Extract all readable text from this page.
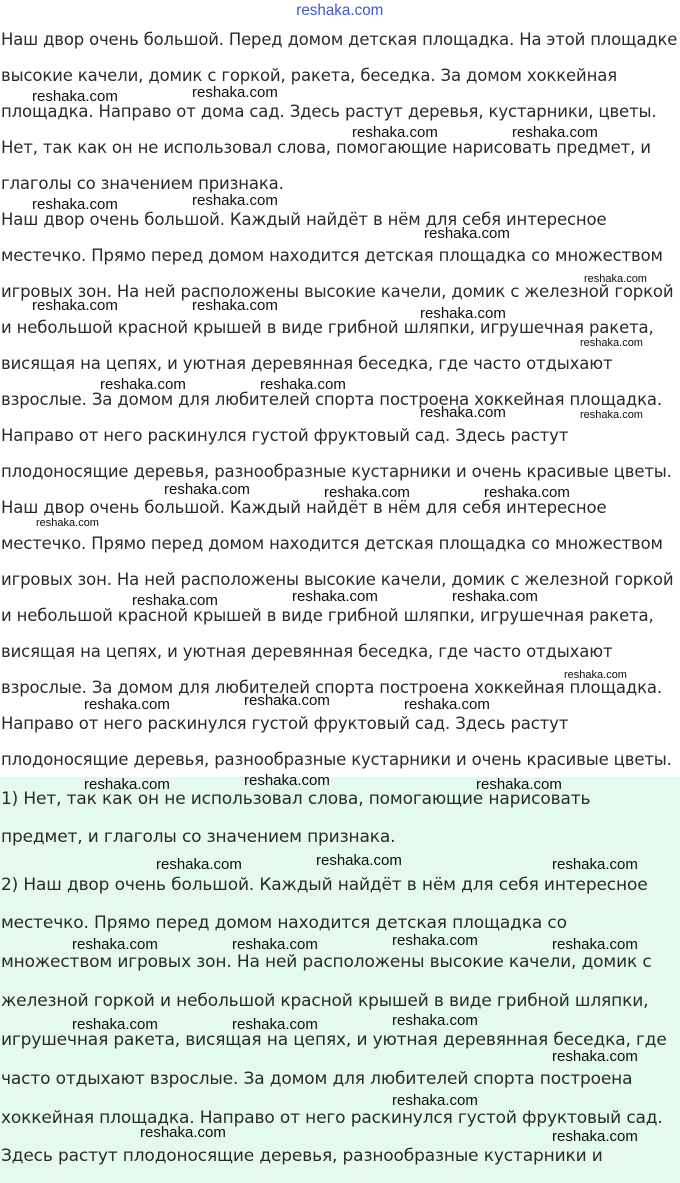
reshaka.com
Наш двор очень большой. Перед домом детская площадка. На этой площадке
высокие качели, домик с горкой, ракета, беседка. За домом хоккейная
площадка. Направо от дома сад. Здесь растут деревья, кустарники, цветы.
Нет, так как он не использовал слова, помогающие нарисовать предмет, и
глаголы со значением признака.
Наш двор очень большой. Каждый найдёт в нём для себя интересное
местечко. Прямо перед домом находится детская площадка со множеством
игровых зон. На ней расположены высокие качели, домик с железной горкой
и небольшой красной крышей в виде грибной шляпки, игрушечная ракета,
висящая на цепях, и уютная деревянная беседка, где часто отдыхают
взрослые. За домом для любителей спорта построена хоккейная площадка.
Направо от него раскинулся густой фруктовый сад. Здесь растут
плодоносящие деревья, разнообразные кустарники и очень красивые цветы.
Наш двор очень большой. Каждый найдёт в нём для себя интересное
местечко. Прямо перед домом находится детская площадка со множеством
игровых зон. На ней расположены высокие качели, домик с железной горкой
и небольшой красной крышей в виде грибной шляпки, игрушечная ракета,
висящая на цепях, и уютная деревянная беседка, где часто отдыхают
взрослые. За домом для любителей спорта построена хоккейная площадка.
Направо от него раскинулся густой фруктовый сад. Здесь растут
плодоносящие деревья, разнообразные кустарники и очень красивые цветы.
1) Нет, так как он не использовал слова, помогающие нарисовать
предмет, и глаголы со значением признака.
2) Наш двор очень большой. Каждый найдёт в нём для себя интересное
местечко. Прямо перед домом находится детская площадка со
множеством игровых зон. На ней расположены высокие качели, домик с
железной горкой и небольшой красной крышей в виде грибной шляпки,
игрушечная ракета, висящая на цепях, и уютная деревянная беседка, где
часто отдыхают взрослые. За домом для любителей спорта построена
хоккейная площадка. Направо от него раскинулся густой фруктовый сад.
Здесь растут плодоносящие деревья, разнообразные кустарники и
reshaka.com	reshaka.com
reshaka.com	reshaka.com
reshaka.com	reshaka.com
reshaka.com
reshaka.com
reshaka.com	reshaka.com	reshaka.com
reshaka.com
reshaka.com	reshaka.com
reshaka.com	reshaka.com
reshaka.com	reshaka.com	reshaka.com
reshaka.com
reshaka.com	reshaka.com	reshaka.com
reshaka.com
reshaka.com	reshaka.com	reshaka.com
reshaka.com	reshaka.com	reshaka.com
reshaka.com	reshaka.com	reshaka.com
reshaka.com	reshaka.com	reshaka.com	reshaka.com
reshaka.com	reshaka.com	reshaka.com
reshaka.com
reshaka.com
reshaka.com	reshaka.com
